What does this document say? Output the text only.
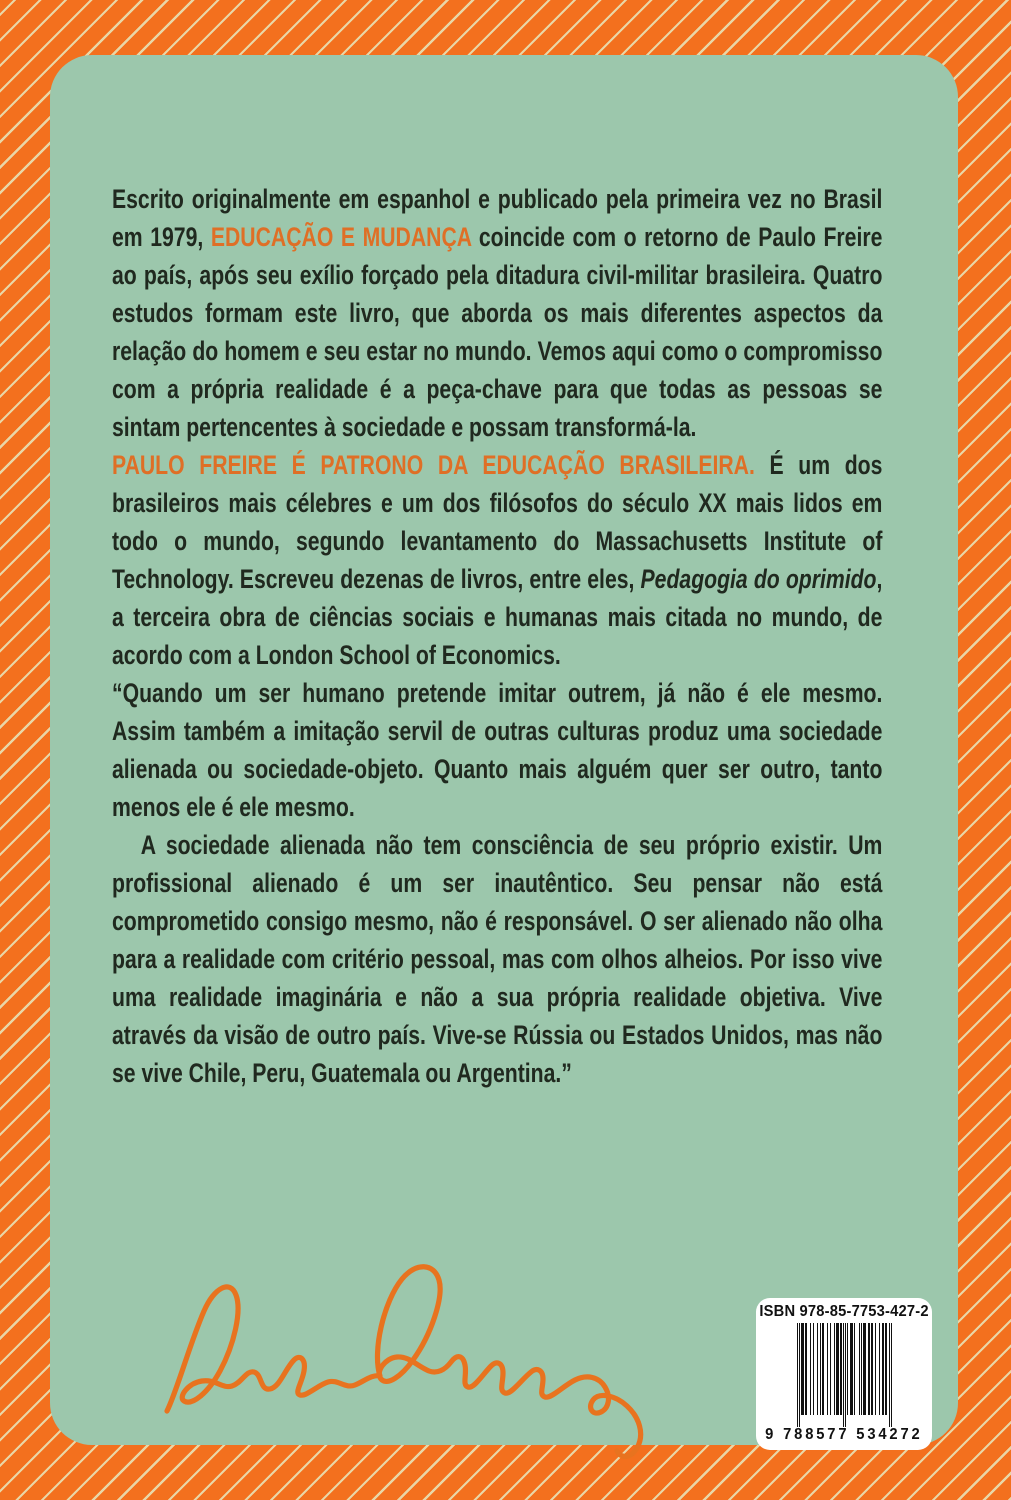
Escrito originalmente em espanhol e publicado pela primeira vez no Brasil em 1979, EDUCAÇÃO E MUDANÇA coincide com o retorno de Paulo Freire ao país, após seu exílio forçado pela ditadura civil-militar brasileira. Quatro estudos formam este livro, que aborda os mais diferentes aspectos da relação do homem e seu estar no mundo. Vemos aqui como o compromisso com a própria realidade é a peça-chave para que todas as pessoas se sintam pertencentes à sociedade e possam transformá-la.

PAULO FREIRE É PATRONO DA EDUCAÇÃO BRASILEIRA. É um dos brasileiros mais célebres e um dos filósofos do século XX mais lidos em todo o mundo, segundo levantamento do Massachusetts Institute of Technology. Escreveu dezenas de livros, entre eles, Pedagogia do oprimido, a terceira obra de ciências sociais e humanas mais citada no mundo, de acordo com a London School of Economics.

“Quando um ser humano pretende imitar outrem, já não é ele mesmo. Assim também a imitação servil de outras culturas produz uma sociedade alienada ou sociedade-objeto. Quanto mais alguém quer ser outro, tanto menos ele é ele mesmo.

A sociedade alienada não tem consciência de seu próprio existir. Um profissional alienado é um ser inautêntico. Seu pensar não está comprometido consigo mesmo, não é responsável. O ser alienado não olha para a realidade com critério pessoal, mas com olhos alheios. Por isso vive uma realidade imaginária e não a sua própria realidade objetiva. Vive através da visão de outro país. Vive-se Rússia ou Estados Unidos, mas não se vive Chile, Peru, Guatemala ou Argentina.”

ISBN 978-85-7753-427-2
9 788577 534272
